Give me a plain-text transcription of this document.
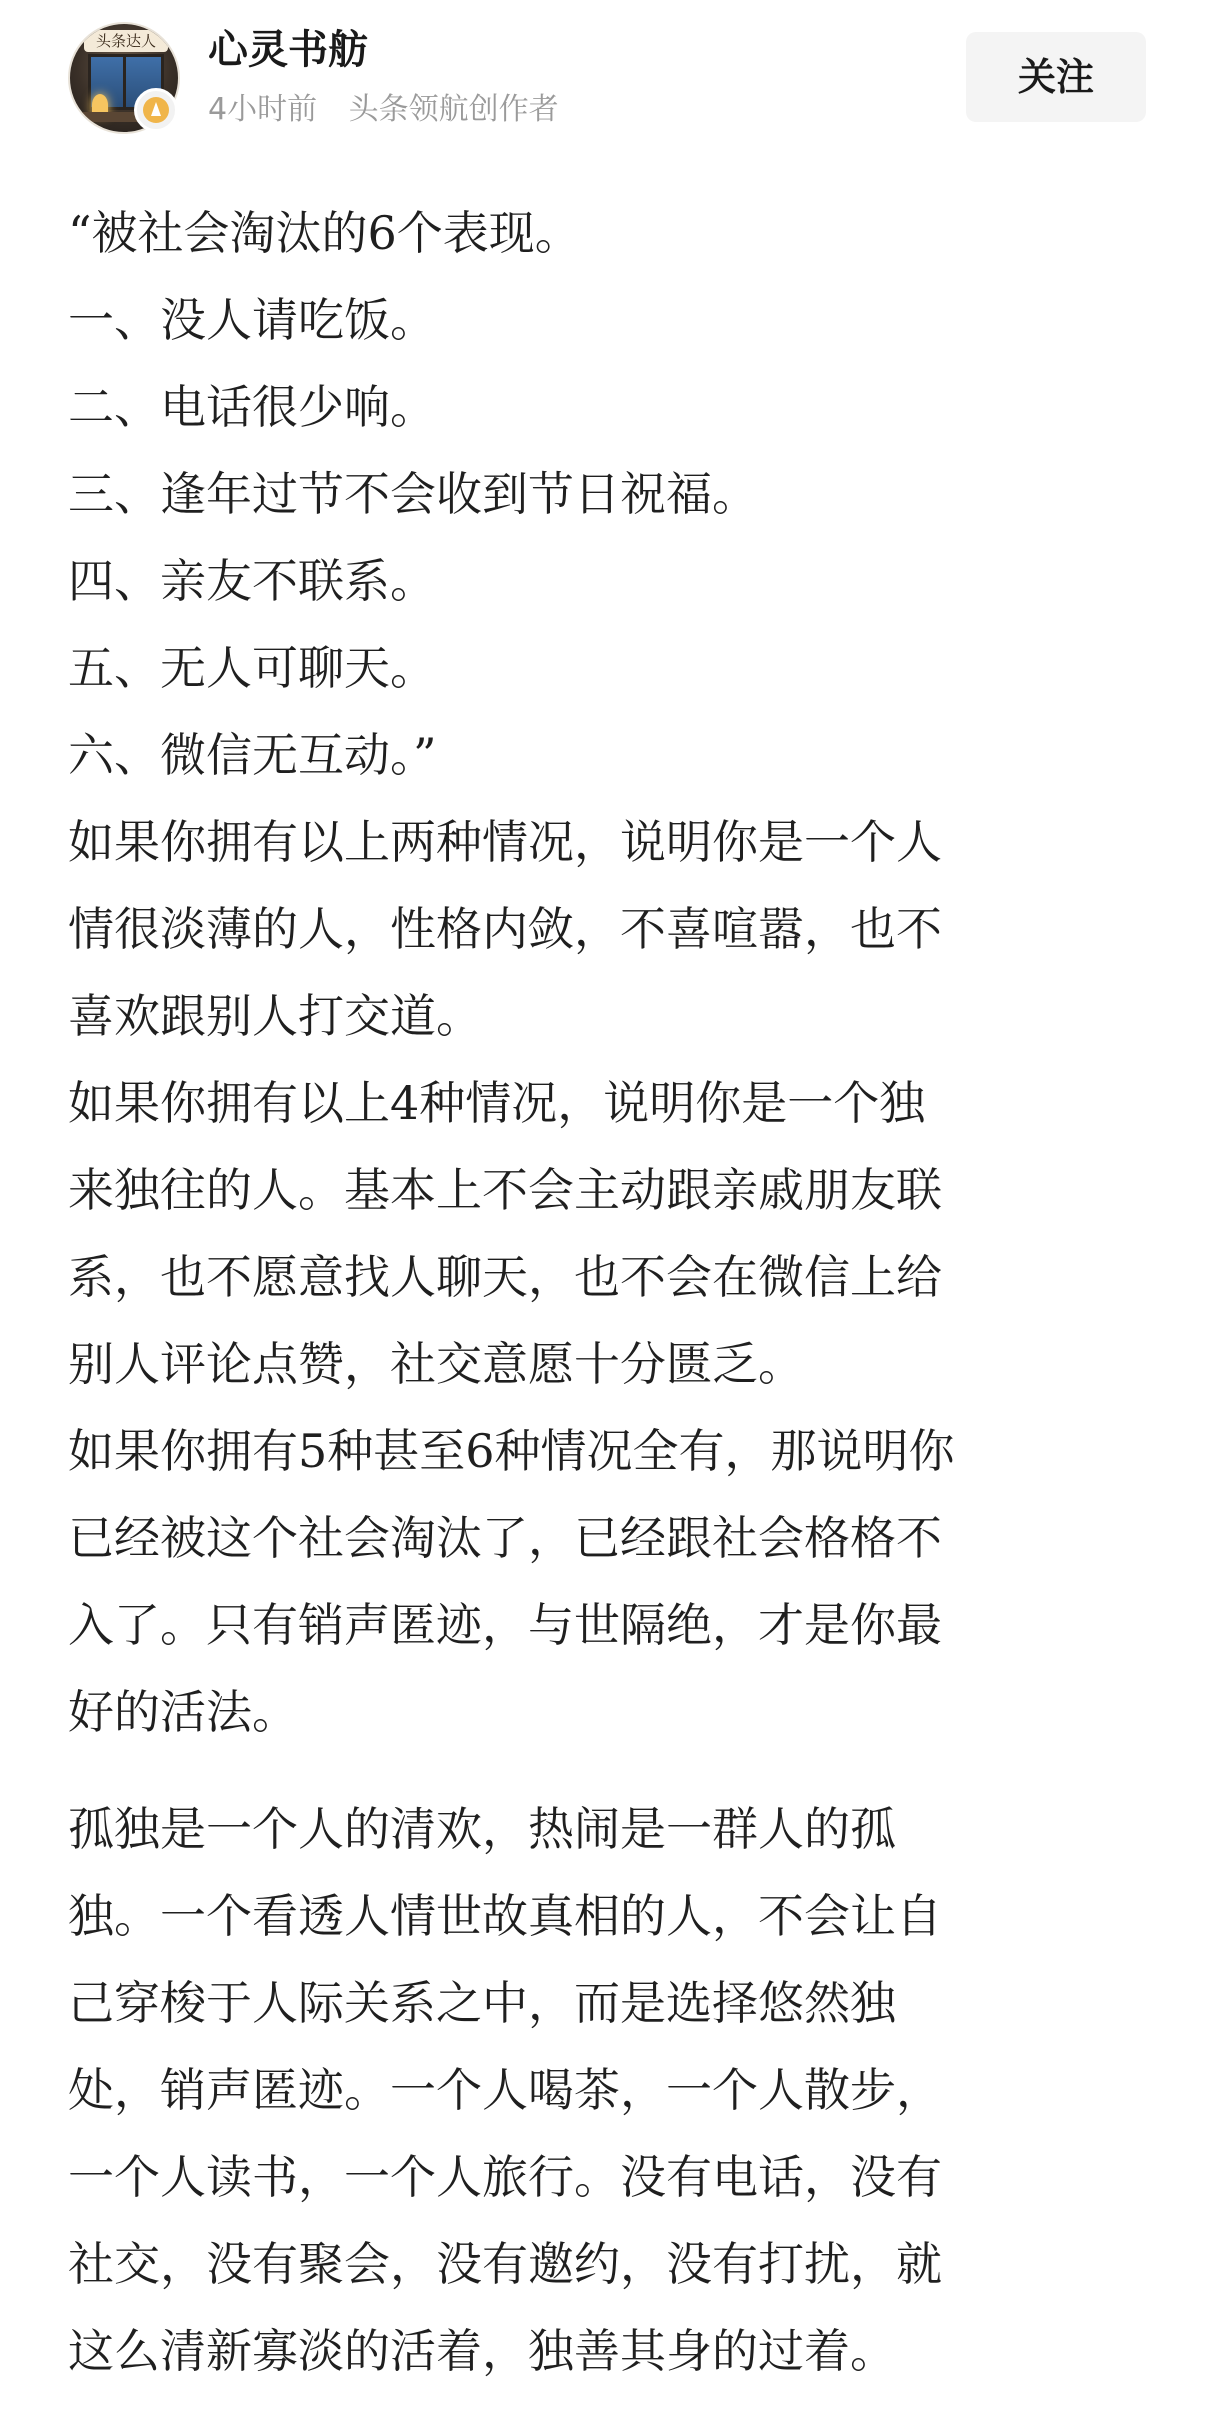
头条达人	心灵书舫
4小时前 头条领航创作者
关注
“被社会淘汰的6个表现。
一、没人请吃饭。
二、电话很少响。
三、逢年过节不会收到节日祝福。
四、亲友不联系。
五、无人可聊天。
六、微信无互动。”
如果你拥有以上两种情况，说明你是一个人
情很淡薄的人，性格内敛，不喜喧嚣，也不
喜欢跟别人打交道。
如果你拥有以上4种情况，说明你是一个独
来独往的人。基本上不会主动跟亲戚朋友联
系，也不愿意找人聊天，也不会在微信上给
别人评论点赞，社交意愿十分匮乏。
如果你拥有5种甚至6种情况全有，那说明你
已经被这个社会淘汰了，已经跟社会格格不
入了。只有销声匿迹，与世隔绝，才是你最
好的活法。
孤独是一个人的清欢，热闹是一群人的孤
独。一个看透人情世故真相的人，不会让自
己穿梭于人际关系之中，而是选择悠然独
处，销声匿迹。一个人喝茶，一个人散步，
一个人读书，一个人旅行。没有电话，没有
社交，没有聚会，没有邀约，没有打扰，就
这么清新寡淡的活着，独善其身的过着。
